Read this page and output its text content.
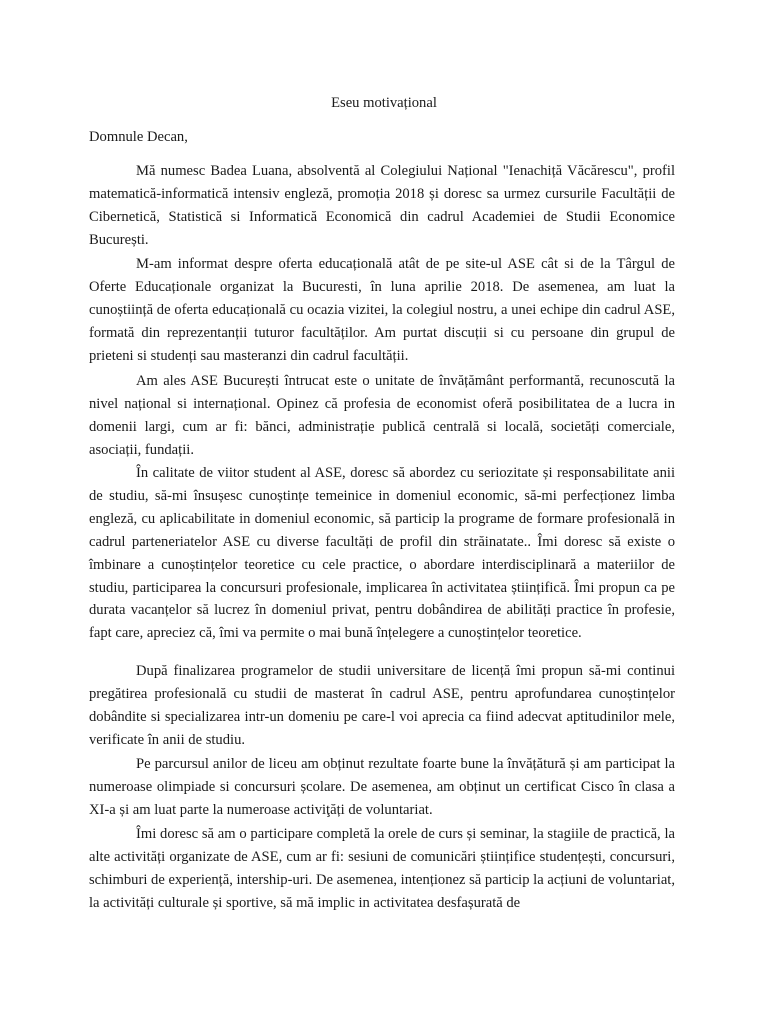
Eseu motivațional

Domnule Decan,

Mă numesc Badea Luana, absolventă al Colegiului Național "Ienachiță Văcărescu", profil matematică-informatică intensiv engleză, promoția 2018 și doresc sa urmez cursurile Facultății de Cibernetică, Statistică si Informatică Economică din cadrul Academiei de Studii Economice București.

M-am informat despre oferta educațională atât de pe site-ul ASE cât si de la Târgul de Oferte Educaționale organizat la Bucuresti, în luna aprilie 2018. De asemenea, am luat la cunoștiință de oferta educațională cu ocazia vizitei, la colegiul nostru, a unei echipe din cadrul ASE, formată din reprezentanții tuturor facultăților. Am purtat discuții si cu persoane din grupul de prieteni si studenți sau masteranzi din cadrul facultății.

Am ales ASE București întrucat este o unitate de învățământ performantă, recunoscută la nivel național si internațional. Opinez că profesia de economist oferă posibilitatea de a lucra in domenii largi, cum ar fi: bănci, administrație publică centrală si locală, societăți comerciale, asociații, fundații.

În calitate de viitor student al ASE, doresc să abordez cu seriozitate și responsabilitate anii de studiu, să-mi însușesc cunoștințe temeinice in domeniul economic, să-mi perfecționez limba engleză, cu aplicabilitate in domeniul economic, să particip la programe de formare profesională in cadrul parteneriatelor ASE cu diverse facultăți de profil din străinatate.. Îmi doresc să existe o îmbinare a cunoștințelor teoretice cu cele practice, o abordare interdisciplinară a materiilor de studiu, participarea la concursuri profesionale, implicarea în activitatea științifică. Îmi propun ca pe durata vacanțelor să lucrez în domeniul privat, pentru dobândirea de abilități practice în profesie, fapt care, apreciez că, îmi va permite o mai bună înțelegere a cunoștințelor teoretice.

După finalizarea programelor de studii universitare de licență îmi propun să-mi continui pregătirea profesională cu studii de masterat în cadrul ASE, pentru aprofundarea cunoștințelor dobândite si specializarea intr-un domeniu pe care-l voi aprecia ca fiind adecvat aptitudinilor mele, verificate în anii de studiu.

Pe parcursul anilor de liceu am obținut rezultate foarte bune la învățătură și am participat la numeroase olimpiade si concursuri școlare. De asemenea, am obținut un certificat Cisco în clasa a XI-a și am luat parte la numeroase activiţăți de voluntariat.

Îmi doresc să am o participare completă la orele de curs și seminar, la stagiile de practică, la alte activități organizate de ASE, cum ar fi: sesiuni de comunicări științifice studențești, concursuri, schimburi de experiență, intership-uri. De asemenea, intenționez să particip la acțiuni de voluntariat, la activități culturale și sportive, să mă implic in activitatea desfașurată de
